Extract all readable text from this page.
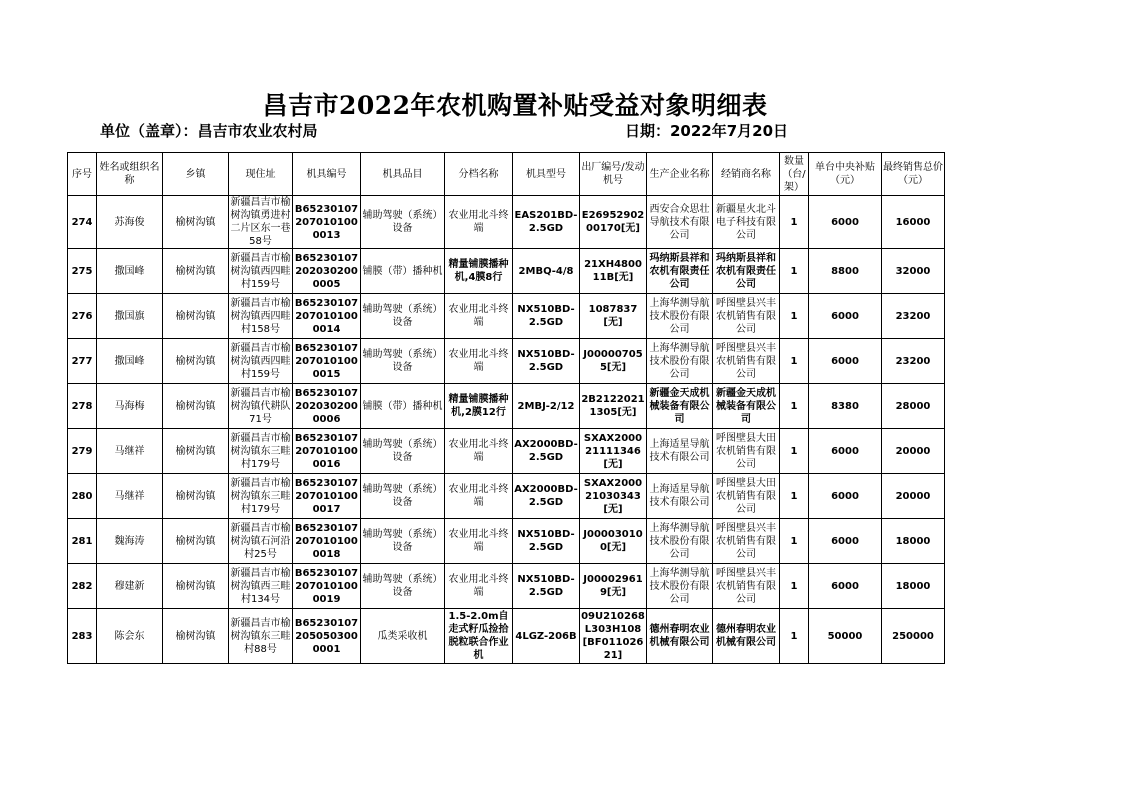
昌吉市2022年农机购置补贴受益对象明细表
单位（盖章）：昌吉市农业农村局	日期：2022年7月20日
序号	姓名或组织名称	乡镇	现住址	机具编号	机具品目	分档名称	机具型号	出厂编号/发动机号	生产企业名称	经销商名称	数量（台/架）	单台中央补贴（元）	最终销售总价（元）
274	苏海俊	榆树沟镇	新疆昌吉市榆树沟镇勇进村二片区东一巷58号	B652301072070101000013	辅助驾驶（系统）设备	农业用北斗终端	EAS201BD-2.5GD	E2695290200170[无]	西安合众思壮导航技术有限公司	新疆星火北斗电子科技有限公司	1	6000	16000
275	撒国峰	榆树沟镇	新疆昌吉市榆树沟镇西四畦村159号	B652301072020302000005	铺膜（带）播种机	精量铺膜播种机,4膜8行	2MBQ-4/8	21XH480011B[无]	玛纳斯县祥和农机有限责任公司	玛纳斯县祥和农机有限责任公司	1	8800	32000
276	撒国旗	榆树沟镇	新疆昌吉市榆树沟镇西四畦村158号	B652301072070101000014	辅助驾驶（系统）设备	农业用北斗终端	NX510BD-2.5GD	1087837[无]	上海华测导航技术股份有限公司	呼图壁县兴丰农机销售有限公司	1	6000	23200
277	撒国峰	榆树沟镇	新疆昌吉市榆树沟镇西四畦村159号	B652301072070101000015	辅助驾驶（系统）设备	农业用北斗终端	NX510BD-2.5GD	J000007055[无]	上海华测导航技术股份有限公司	呼图壁县兴丰农机销售有限公司	1	6000	23200
278	马海梅	榆树沟镇	新疆昌吉市榆树沟镇代耕队71号	B652301072020302000006	铺膜（带）播种机	精量铺膜播种机,2膜12行	2MBJ-2/12	2B21220211305[无]	新疆金天成机械装备有限公司	新疆金天成机械装备有限公司	1	8380	28000
279	马继祥	榆树沟镇	新疆昌吉市榆树沟镇东三畦村179号	B652301072070101000016	辅助驾驶（系统）设备	农业用北斗终端	AX2000BD-2.5GD	SXAX200021111346[无]	上海适星导航技术有限公司	呼图壁县大田农机销售有限公司	1	6000	20000
280	马继祥	榆树沟镇	新疆昌吉市榆树沟镇东三畦村179号	B652301072070101000017	辅助驾驶（系统）设备	农业用北斗终端	AX2000BD-2.5GD	SXAX200021030343[无]	上海适星导航技术有限公司	呼图壁县大田农机销售有限公司	1	6000	20000
281	魏海涛	榆树沟镇	新疆昌吉市榆树沟镇石河沿村25号	B652301072070101000018	辅助驾驶（系统）设备	农业用北斗终端	NX510BD-2.5GD	J000030100[无]	上海华测导航技术股份有限公司	呼图壁县兴丰农机销售有限公司	1	6000	18000
282	穆建新	榆树沟镇	新疆昌吉市榆树沟镇西三畦村134号	B652301072070101000019	辅助驾驶（系统）设备	农业用北斗终端	NX510BD-2.5GD	J000029619[无]	上海华测导航技术股份有限公司	呼图壁县兴丰农机销售有限公司	1	6000	18000
283	陈会东	榆树沟镇	新疆昌吉市榆树沟镇东三畦村88号	B652301072050503000001	瓜类采收机	1.5-2.0m自走式籽瓜捡拾脱粒联合作业机	4LGZ-206B	09U210268L303H108[BF01102621]	德州春明农业机械有限公司	德州春明农业机械有限公司	1	50000	250000
